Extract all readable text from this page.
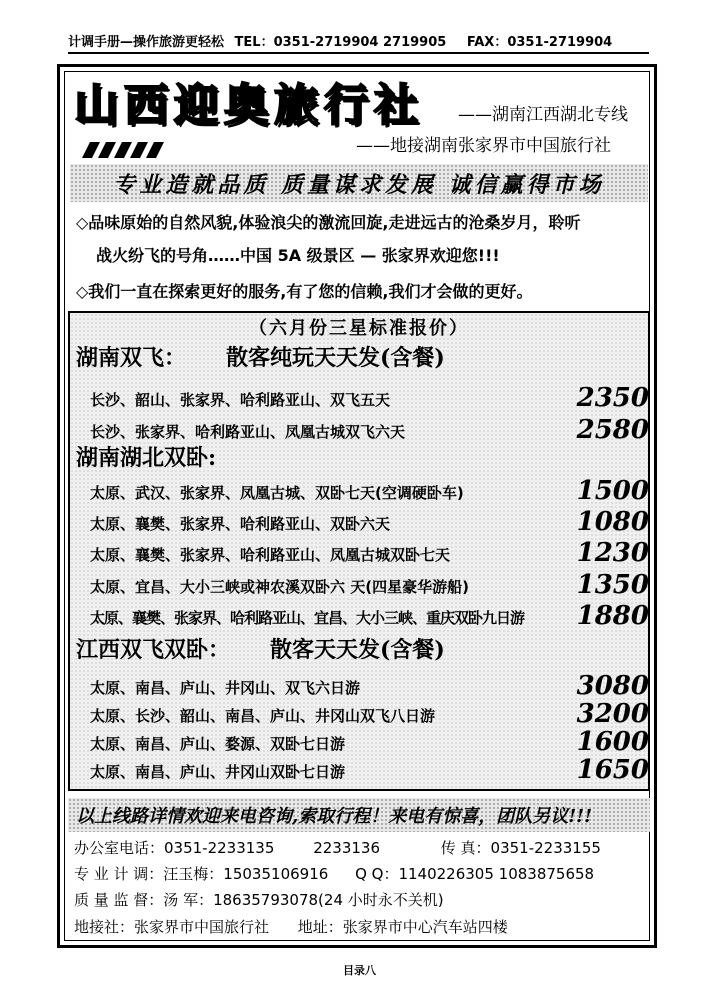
计调手册—操作旅游更轻松 TEL：0351-2719904 2719905 FAX：0351-2719904
山西迎奥旅行社 ——湖南江西湖北专线
——地接湖南张家界市中国旅行社
专业造就品质 质量谋求发展 诚信赢得市场
◇品味原始的自然风貌,体验浪尖的激流回旋,走进远古的沧桑岁月，聆听
战火纷飞的号角……中国 5A 级景区 — 张家界欢迎您!!!
◇我们一直在探索更好的服务,有了您的信赖,我们才会做的更好。
（六月份三星标准报价）
湖南双飞： 散客纯玩天天发(含餐)
长沙、韶山、张家界、哈利路亚山、双飞五天	2350
长沙、张家界、哈利路亚山、凤凰古城双飞六天	2580
湖南湖北双卧:
太原、武汉、张家界、凤凰古城、双卧七天(空调硬卧车)	1500
太原、襄樊、张家界、哈利路亚山、双卧六天	1080
太原、襄樊、张家界、哈利路亚山、凤凰古城双卧七天	1230
太原、宜昌、大小三峡或神农溪双卧六 天(四星豪华游船)	1350
太原、襄樊、张家界、哈利路亚山、宜昌、大小三峡、重庆双卧九日游 1880
江西双飞双卧： 散客天天发(含餐)
太原、南昌、庐山、井冈山、双飞六日游	3080
太原、长沙、韶山、南昌、庐山、井冈山双飞八日游	3200
太原、南昌、庐山、婺源、双卧七日游	1600
太原、南昌、庐山、井冈山双卧七日游	1650
以上线路详情欢迎来电咨询,索取行程！来电有惊喜，团队另议!!!
办公室电话：0351-2233135	2233136	传 真：0351-2233155
专 业 计 调：汪玉梅：15035106916 Q Q：1140226305 1083875658
质 量 监 督：汤 军：18635793078(24 小时永不关机)
地接社：张家界市中国旅行社 地址：张家界市中心汽车站四楼
目录八
